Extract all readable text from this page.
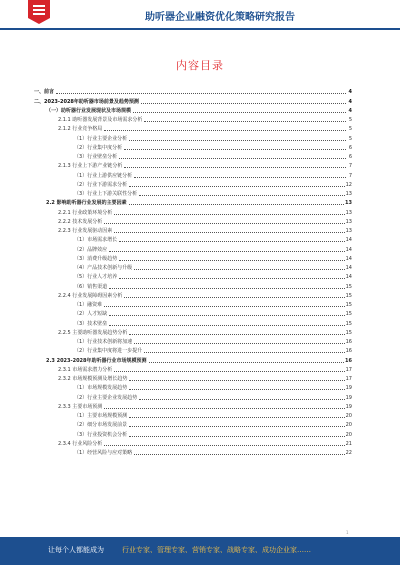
助听器企业融资优化策略研究报告
内容目录
一、前言	4
二、2023-2028年助听器市场前景及趋势预测	4
（一）助听器行业发展现状及市场规模	4
2.1.1 助听器发展背景及市场需求分析	5
2.1.2 行业竞争格局	5
（1）行业主要企业分析	5
（2）行业集中度分析	6
（3）行业壁垒分析	6
2.1.3 行业上下游产业链分析	7
（1）行业上游供应链分析	7
（2）行业下游需求分析	12
（3）行业上下游关联性分析	13
2.2 影响助听器行业发展的主要因素	13
2.2.1 行业政策环境分析	13
2.2.2 技术发展分析	13
2.2.3 行业发展驱动因素	13
（1）市场需求增长	14
（2）品牌效应	14
（3）消费升级趋势	14
（4）产品技术创新与升级	14
（5）行业人才培养	14
（6）销售渠道	15
2.2.4 行业发展障碍因素分析	15
（1）融资难	15
（2）人才短缺	15
（3）技术壁垒	15
2.2.5 主要助听器发展趋势分析	15
（1）行业技术创新将加速	16
（2）行业集中度将进一步提升	16
2.3 2023-2028年助听器行业市场规模预测	16
2.3.1 市场需求潜力分析	17
2.3.2 市场规模预测及增长趋势	17
（1）市场规模发展趋势	19
（2）行业主要企业发展趋势	19
2.3.3 主要市场预测	19
（1）主要市场规模预测	20
（2）细分市场发展前景	20
（3）行业投资机会分析	20
2.3.4 行业风险分析	21
（1）经营风险与应对策略	22
1
让每个人都能成为	行业专家、管理专家、营销专家、战略专家、成功企业家……
